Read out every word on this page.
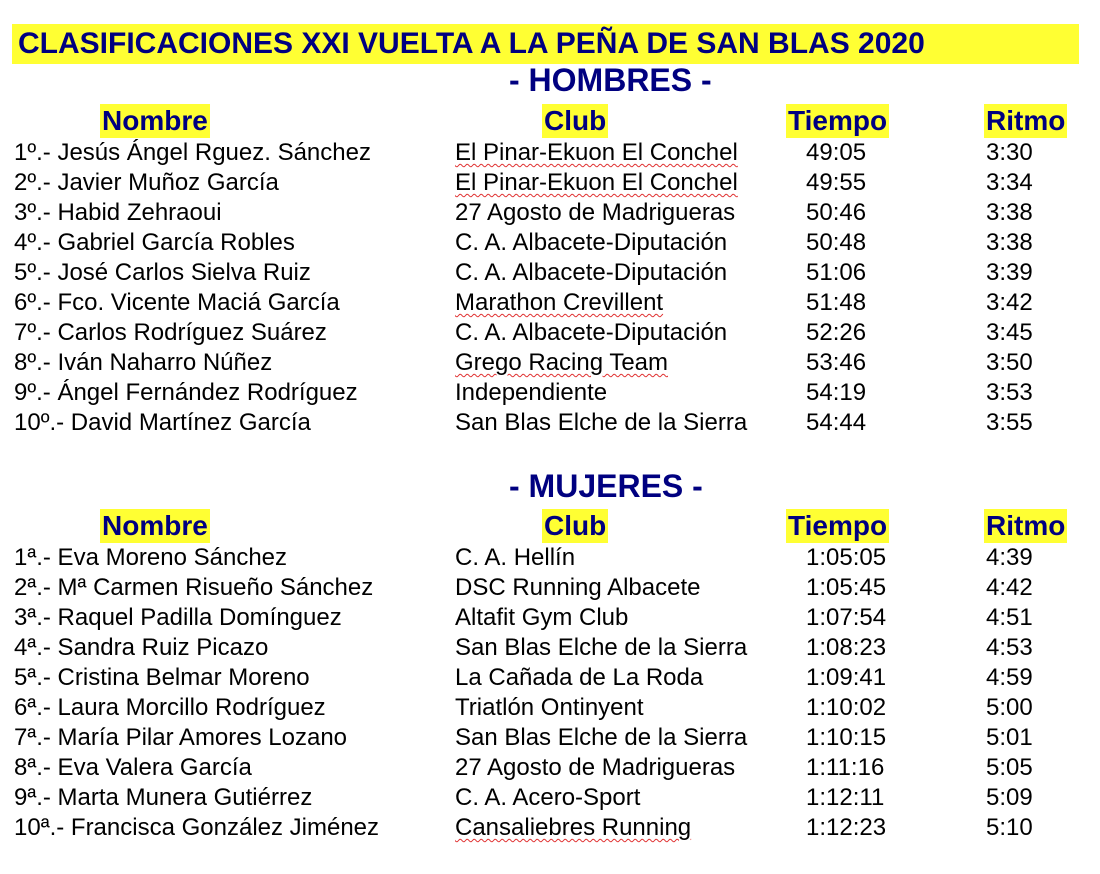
CLASIFICACIONES XXI VUELTA A LA PEÑA DE SAN BLAS 2020
- HOMBRES -
Nombre	Club	Tiempo	Ritmo
1º.- Jesús Ángel Rguez. Sánchez	El Pinar-Ekuon El Conchel	49:05	3:30
2º.- Javier Muñoz García	El Pinar-Ekuon El Conchel	49:55	3:34
3º.- Habid Zehraoui	27 Agosto de Madrigueras	50:46	3:38
4º.- Gabriel García Robles	C. A. Albacete-Diputación	50:48	3:38
5º.- José Carlos Sielva Ruiz	C. A. Albacete-Diputación	51:06	3:39
6º.- Fco. Vicente Maciá García	Marathon Crevillent	51:48	3:42
7º.- Carlos Rodríguez Suárez	C. A. Albacete-Diputación	52:26	3:45
8º.- Iván Naharro Núñez	Grego Racing Team	53:46	3:50
9º.- Ángel Fernández Rodríguez	Independiente	54:19	3:53
10º.- David Martínez García	San Blas Elche de la Sierra 54:44	3:55
- MUJERES -
Nombre	Club	Tiempo	Ritmo
1ª.- Eva Moreno Sánchez	C. A. Hellín	1:05:05	4:39
2ª.- Mª Carmen Risueño Sánchez	DSC Running Albacete	1:05:45	4:42
3ª.- Raquel Padilla Domínguez	Altafit Gym Club	1:07:54	4:51
4ª.- Sandra Ruiz Picazo	San Blas Elche de la Sierra 1:08:23	4:53
5ª.- Cristina Belmar Moreno	La Cañada de La Roda	1:09:41	4:59
6ª.- Laura Morcillo Rodríguez	Triatlón Ontinyent	1:10:02	5:00
7ª.- María Pilar Amores Lozano	San Blas Elche de la Sierra 1:10:15	5:01
8ª.- Eva Valera García	27 Agosto de Madrigueras	1:11:16	5:05
9ª.- Marta Munera Gutiérrez	C. A. Acero-Sport	1:12:11	5:09
10ª.- Francisca González Jiménez	Cansaliebres Running	1:12:23	5:10
